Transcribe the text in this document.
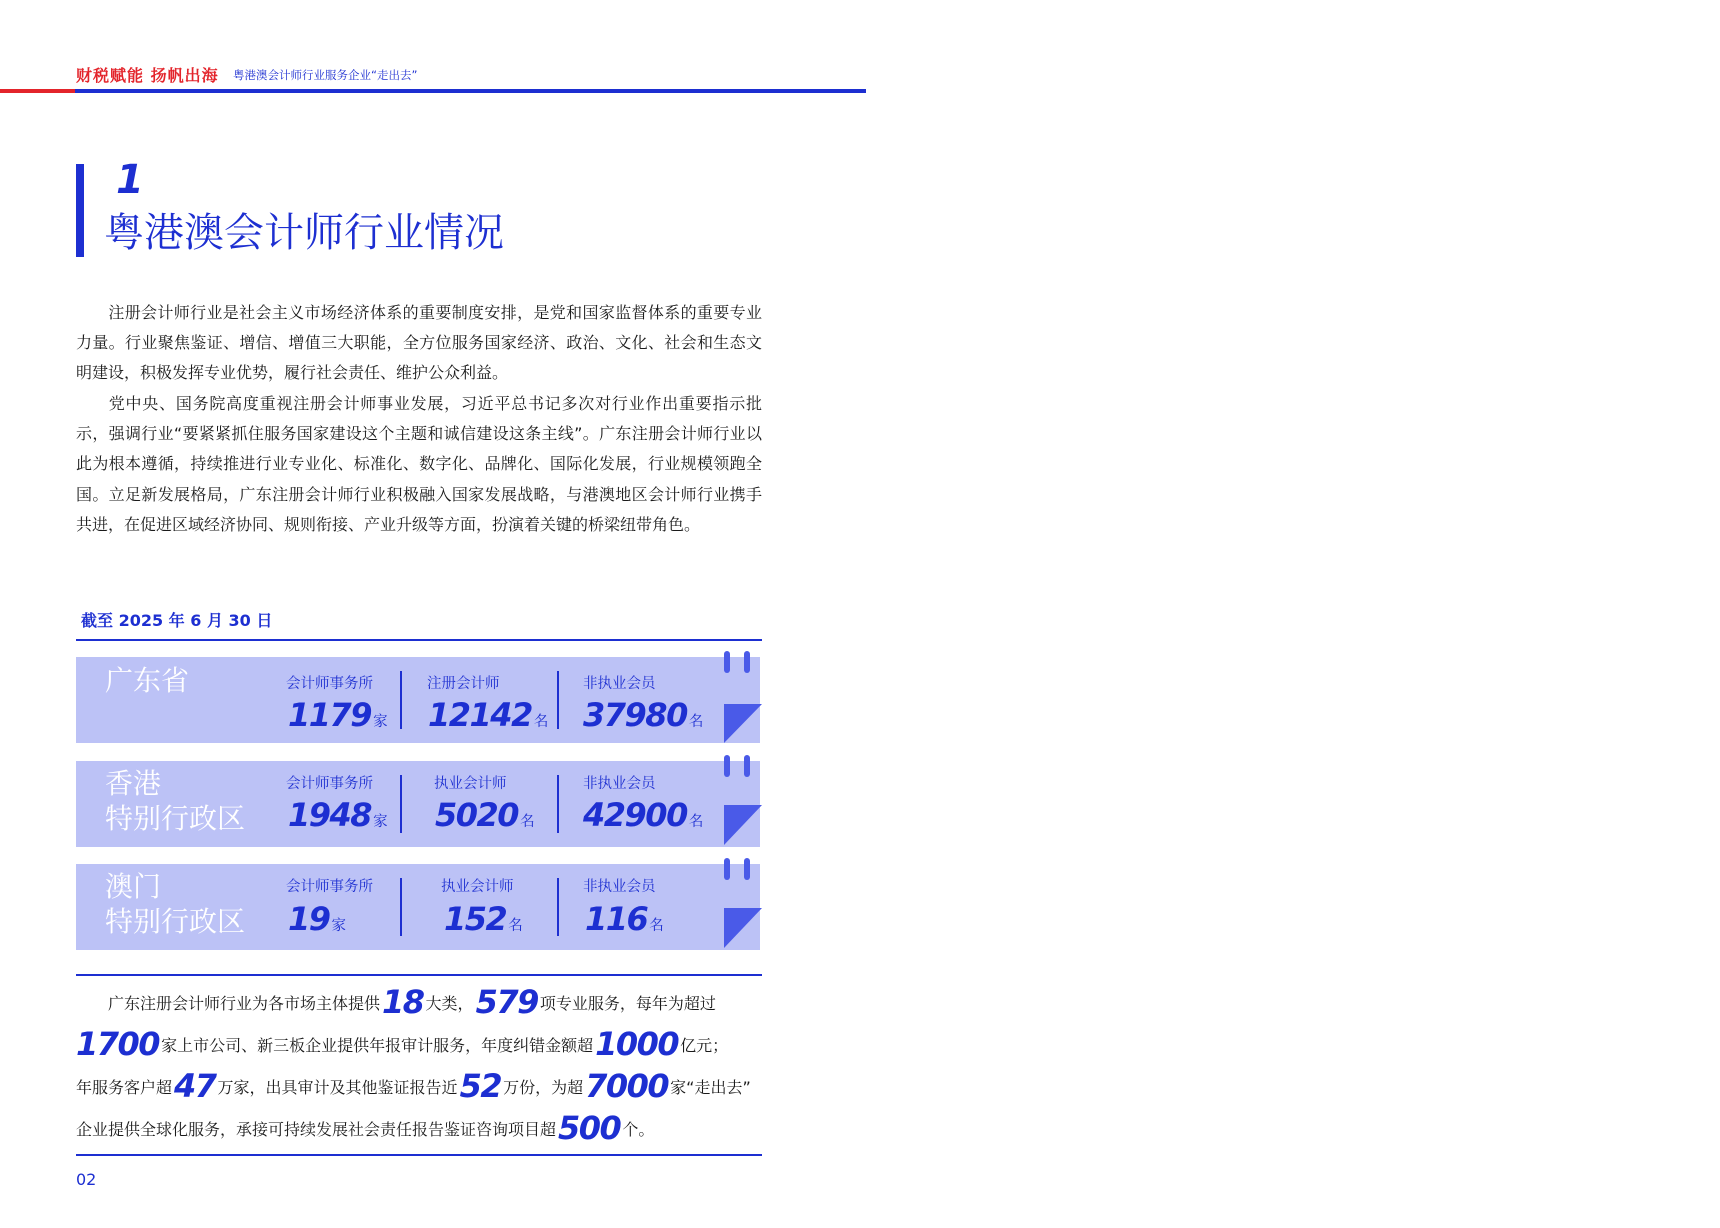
财税赋能 扬帆出海 粤港澳会计师行业服务企业“走出去”
1
粤港澳会计师行业情况
注册会计师行业是社会主义市场经济体系的重要制度安排，是党和国家监督体系的重要专业力量。行业聚焦鉴证、增信、增值三大职能，全方位服务国家经济、政治、文化、社会和生态文明建设，积极发挥专业优势，履行社会责任、维护公众利益。
党中央、国务院高度重视注册会计师事业发展，习近平总书记多次对行业作出重要指示批示，强调行业“要紧紧抓住服务国家建设这个主题和诚信建设这条主线”。广东注册会计师行业以此为根本遵循，持续推进行业专业化、标准化、数字化、品牌化、国际化发展，行业规模领跑全国。立足新发展格局，广东注册会计师行业积极融入国家发展战略，与港澳地区会计师行业携手共进，在促进区域经济协同、规则衔接、产业升级等方面，扮演着关键的桥梁纽带角色。
截至 2025 年 6 月 30 日
广东省	会计师事务所
1179 家
注册会计师
12142 名
非执业会员
37980 名
香港
特别行政区
会计师事务所
1948 家
执业会计师
5020 名
非执业会员
42900 名
澳门
特别行政区
会计师事务所
19 家
执业会计师
152 名
非执业会员
116 名
广东注册会计师行业为各市场主体提供18 大类，579 项专业服务，每年为超过
1700 家上市公司、新三板企业提供年报审计服务，年度纠错金额超1000 亿元；
年服务客户超47 万家，出具审计及其他鉴证报告近52 万份，为超7000 家“走出去”
企业提供全球化服务，承接可持续发展社会责任报告鉴证咨询项目超500 个。
02
